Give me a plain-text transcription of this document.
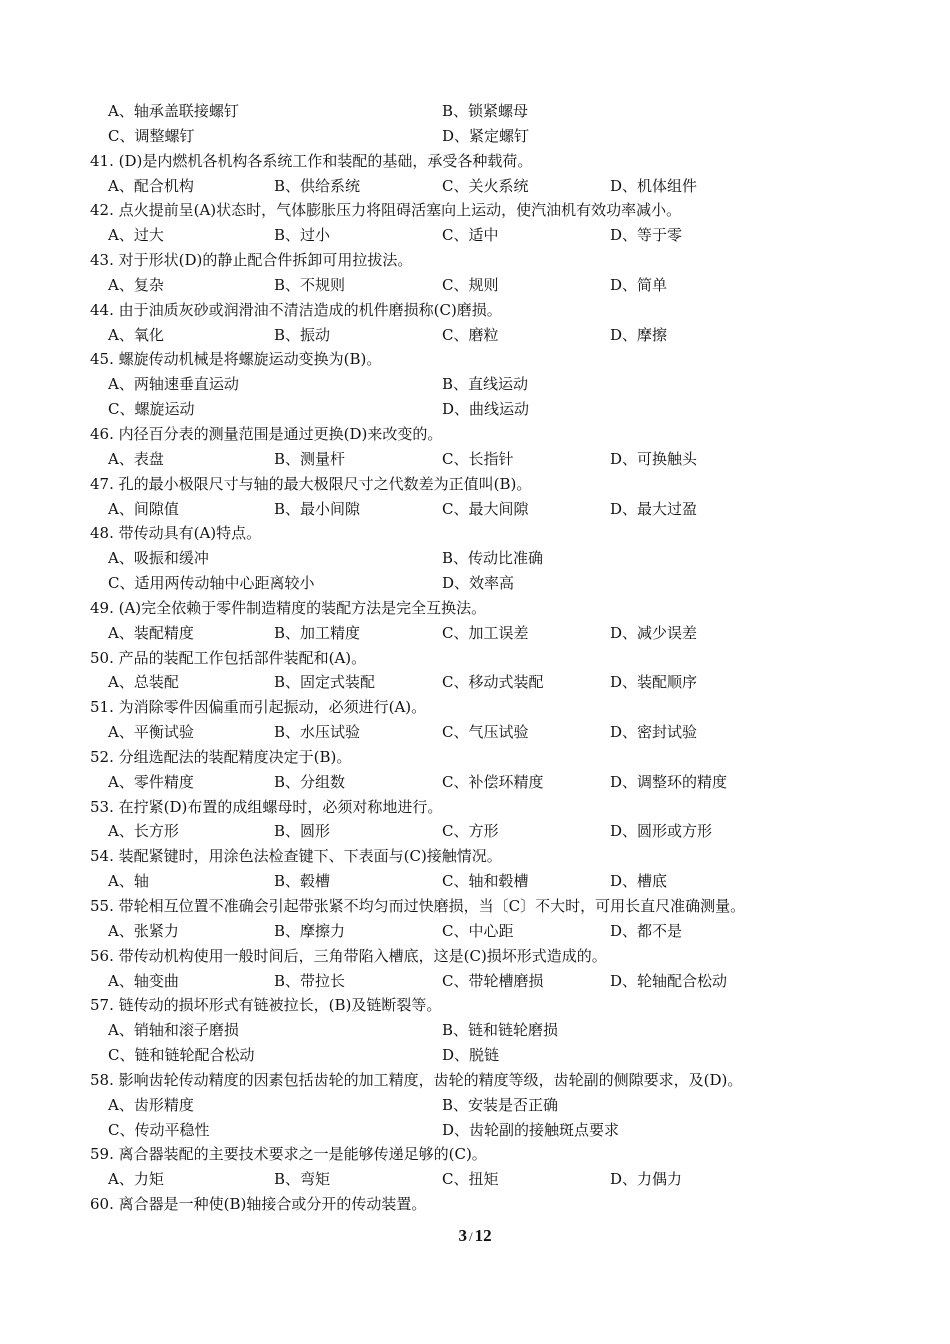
A、轴承盖联接螺钉	B、锁紧螺母
C、调整螺钉	D、紧定螺钉
41. (D)是内燃机各机构各系统工作和装配的基础，承受各种载荷。
A、配合机构	B、供给系统	C、关火系统	D、机体组件
42. 点火提前呈(A)状态时，气体膨胀压力将阻碍活塞向上运动，使汽油机有效功率减小。
A、过大	B、过小	C、适中	D、等于零
43. 对于形状(D)的静止配合件拆卸可用拉拔法。
A、复杂	B、不规则	C、规则	D、简单
44. 由于油质灰砂或润滑油不清洁造成的机件磨损称(C)磨损。
A、氧化	B、振动	C、磨粒	D、摩擦
45. 螺旋传动机械是将螺旋运动变换为(B)。
A、两轴速垂直运动	B、直线运动
C、螺旋运动	D、曲线运动
46. 内径百分表的测量范围是通过更换(D)来改变的。
A、表盘	B、测量杆	C、长指针	D、可换触头
47. 孔的最小极限尺寸与轴的最大极限尺寸之代数差为正值叫(B)。
A、间隙值	B、最小间隙	C、最大间隙	D、最大过盈
48. 带传动具有(A)特点。
A、吸振和缓冲	B、传动比准确
C、适用两传动轴中心距离较小	D、效率高
49. (A)完全依赖于零件制造精度的装配方法是完全互换法。
A、装配精度	B、加工精度	C、加工误差	D、减少误差
50. 产品的装配工作包括部件装配和(A)。
A、总装配	B、固定式装配	C、移动式装配	D、装配顺序
51. 为消除零件因偏重而引起振动，必须进行(A)。
A、平衡试验	B、水压试验	C、气压试验	D、密封试验
52. 分组选配法的装配精度决定于(B)。
A、零件精度	B、分组数	C、补偿环精度	D、调整环的精度
53. 在拧紧(D)布置的成组螺母时，必须对称地进行。
A、长方形	B、圆形	C、方形	D、圆形或方形
54. 装配紧键时，用涂色法检查键下、下表面与(C)接触情况。
A、轴	B、毂槽	C、轴和毂槽	D、槽底
55. 带轮相互位置不准确会引起带张紧不均匀而过快磨损，当〔C〕不大时，可用长直尺准确测量。
A、张紧力	B、摩擦力	C、中心距	D、都不是
56. 带传动机构使用一般时间后，三角带陷入槽底，这是(C)损坏形式造成的。
A、轴变曲	B、带拉长	C、带轮槽磨损	D、轮轴配合松动
57. 链传动的损坏形式有链被拉长，(B)及链断裂等。
A、销轴和滚子磨损	B、链和链轮磨损
C、链和链轮配合松动	D、脱链
58. 影响齿轮传动精度的因素包括齿轮的加工精度，齿轮的精度等级，齿轮副的侧隙要求，及(D)。
A、齿形精度	B、安装是否正确
C、传动平稳性	D、齿轮副的接触斑点要求
59. 离合器装配的主要技术要求之一是能够传递足够的(C)。
A、力矩	B、弯矩	C、扭矩	D、力偶力
60. 离合器是一种使(B)轴接合或分开的传动装置。
3 / 12
